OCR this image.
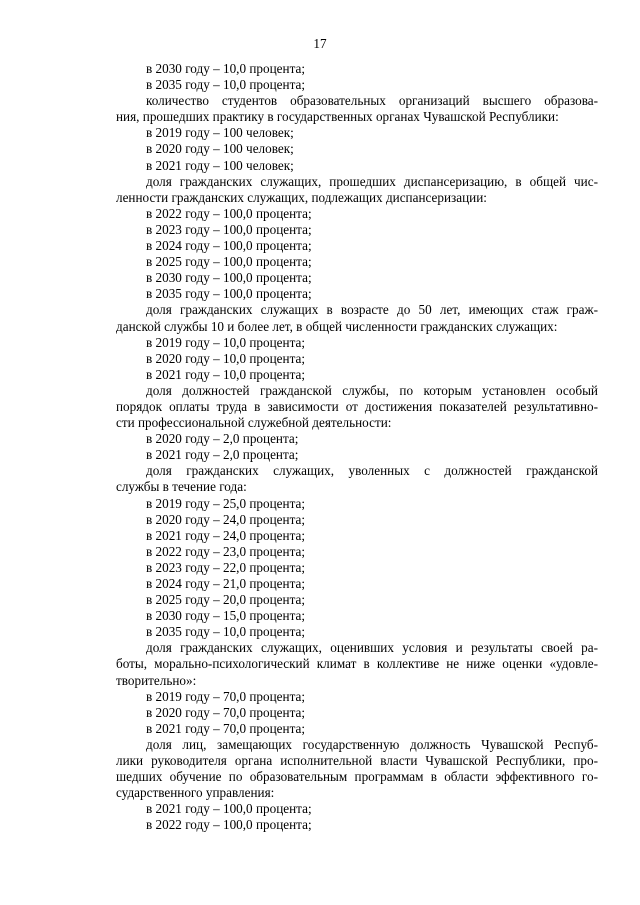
17
в 2030 году – 10,0 процента;
в 2035 году – 10,0 процента;
количество студентов образовательных организаций высшего образова-
ния, прошедших практику в государственных органах Чувашской Республики:
в 2019 году – 100 человек;
в 2020 году – 100 человек;
в 2021 году – 100 человек;
доля гражданских служащих, прошедших диспансеризацию, в общей чис-
ленности гражданских служащих, подлежащих диспансеризации:
в 2022 году – 100,0 процента;
в 2023 году – 100,0 процента;
в 2024 году – 100,0 процента;
в 2025 году – 100,0 процента;
в 2030 году – 100,0 процента;
в 2035 году – 100,0 процента;
доля гражданских служащих в возрасте до 50 лет, имеющих стаж граж-
данской службы 10 и более лет, в общей численности гражданских служащих:
в 2019 году – 10,0 процента;
в 2020 году – 10,0 процента;
в 2021 году – 10,0 процента;
доля должностей гражданской службы, по которым установлен особый
порядок оплаты труда в зависимости от достижения показателей результативно-
сти профессиональной служебной деятельности:
в 2020 году – 2,0 процента;
в 2021 году – 2,0 процента;
доля гражданских служащих, уволенных с должностей гражданской
службы в течение года:
в 2019 году – 25,0 процента;
в 2020 году – 24,0 процента;
в 2021 году – 24,0 процента;
в 2022 году – 23,0 процента;
в 2023 году – 22,0 процента;
в 2024 году – 21,0 процента;
в 2025 году – 20,0 процента;
в 2030 году – 15,0 процента;
в 2035 году – 10,0 процента;
доля гражданских служащих, оценивших условия и результаты своей ра-
боты, морально-психологический климат в коллективе не ниже оценки «удовле-
творительно»:
в 2019 году – 70,0 процента;
в 2020 году – 70,0 процента;
в 2021 году – 70,0 процента;
доля лиц, замещающих государственную должность Чувашской Респуб-
лики руководителя органа исполнительной власти Чувашской Республики, про-
шедших обучение по образовательным программам в области эффективного го-
сударственного управления:
в 2021 году – 100,0 процента;
в 2022 году – 100,0 процента;
